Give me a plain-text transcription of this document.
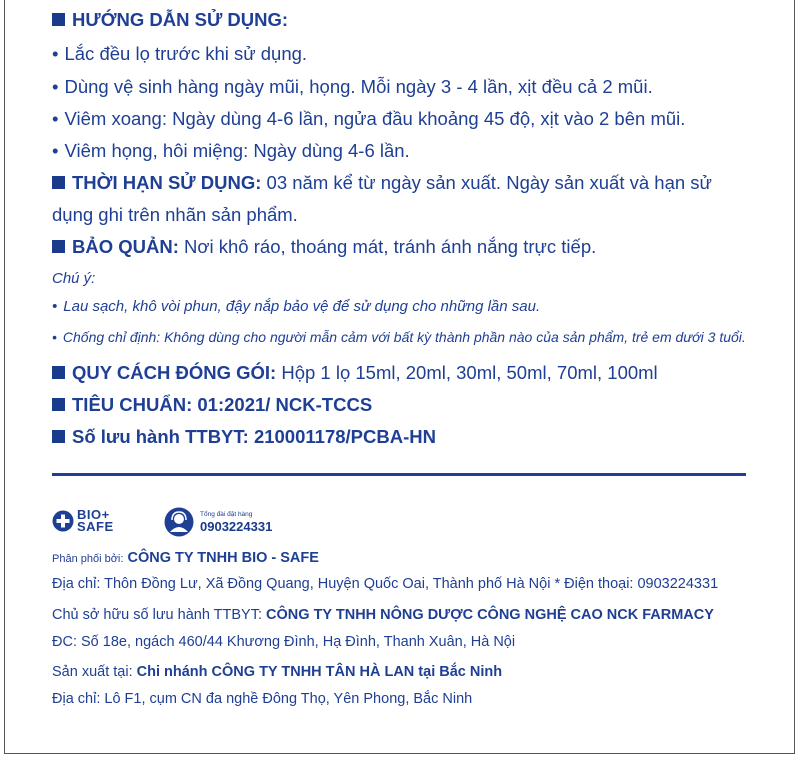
HƯỚNG DẪN SỬ DỤNG:
• Lắc đều lọ trước khi sử dụng.
• Dùng vệ sinh hàng ngày mũi, họng. Mỗi ngày 3 - 4 lần, xịt đều cả 2 mũi.
• Viêm xoang: Ngày dùng 4-6 lần, ngửa đầu khoảng 45 độ, xịt vào 2 bên mũi.
• Viêm họng, hôi miệng: Ngày dùng 4-6 lần.
THỜI HẠN SỬ DỤNG: 03 năm kể từ ngày sản xuất. Ngày sản xuất và hạn sử
dụng ghi trên nhãn sản phẩm.
BẢO QUẢN: Nơi khô ráo, thoáng mát, tránh ánh nắng trực tiếp.
Chú ý:
• Lau sạch, khô vòi phun, đậy nắp bảo vệ để sử dụng cho những lần sau.
• Chống chỉ định: Không dùng cho người mẫn cảm với bất kỳ thành phần nào của sản phẩm, trẻ em dưới 3 tuổi.
QUY CÁCH ĐÓNG GÓI: Hộp 1 lọ 15ml, 20ml, 30ml, 50ml, 70ml, 100ml
TIÊU CHUẨN: 01:2021/ NCK-TCCS
Số lưu hành TTBYT: 210001178/PCBA-HN
BIO+
SAFE
Tổng đài đặt hàng
0903224331
Phân phối bởi: CÔNG TY TNHH BIO - SAFE
Địa chỉ: Thôn Đồng Lư, Xã Đồng Quang, Huyện Quốc Oai, Thành phố Hà Nội * Điện thoại: 0903224331
Chủ sở hữu số lưu hành TTBYT: CÔNG TY TNHH NÔNG DƯỢC CÔNG NGHỆ CAO NCK FARMACY
ĐC: Số 18e, ngách 460/44 Khương Đình, Hạ Đình, Thanh Xuân, Hà Nội
Sản xuất tại: Chi nhánh CÔNG TY TNHH TÂN HÀ LAN tại Bắc Ninh
Địa chỉ: Lô F1, cụm CN đa nghề Đông Thọ, Yên Phong, Bắc Ninh
